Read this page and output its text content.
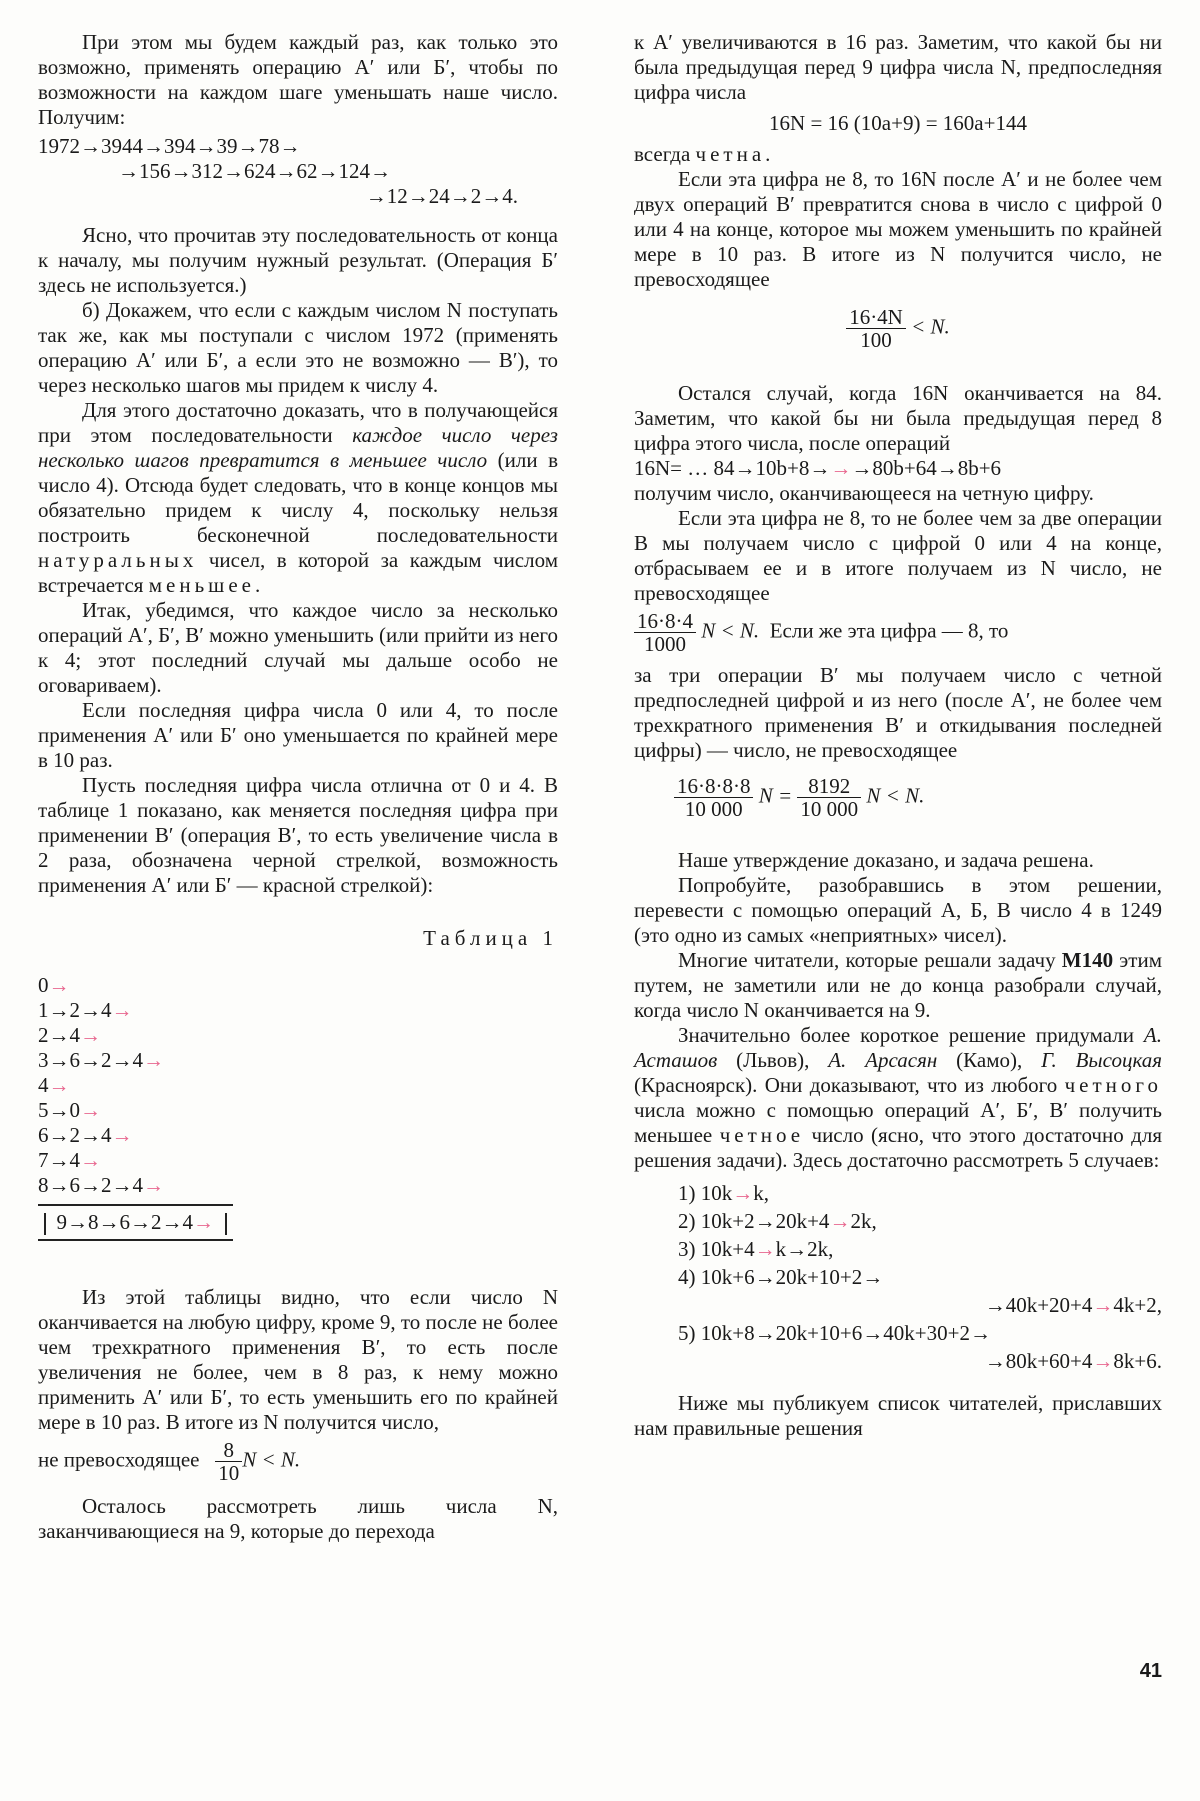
При этом мы будем каждый раз, как только это возможно, применять операцию А′ или Б′, чтобы по возможности на каждом шаге уменьшать наше число. Получим:

1972→3944→394→39→78→
→156→312→624→62→124→
→12→24→2→4.

Ясно, что прочитав эту последовательность от конца к началу, мы получим нужный результат. (Операция Б′ здесь не используется.)

б) Докажем, что если с каждым числом N поступать так же, как мы поступали с числом 1972 (применять операцию А′ или Б′, а если это не возможно — В′), то через несколько шагов мы придем к числу 4.

Для этого достаточно доказать, что в получающейся при этом последовательности каждое число через несколько шагов превратится в меньшее число (или в число 4). Отсюда будет следовать, что в конце концов мы обязательно придем к числу 4, поскольку нельзя построить бесконечной последовательности натуральных чисел, в которой за каждым числом встречается меньшее.

Итак, убедимся, что каждое число за несколько операций А′, Б′, В′ можно уменьшить (или прийти из него к 4; этот последний случай мы дальше особо не оговариваем).

Если последняя цифра числа 0 или 4, то после применения А′ или Б′ оно уменьшается по крайней мере в 10 раз.

Пусть последняя цифра числа отлична от 0 и 4. В таблице 1 показано, как меняется последняя цифра при применении В′ (операция В′, то есть увеличение числа в 2 раза, обозначена черной стрелкой, возможность применения А′ или Б′ — красной стрелкой):

Таблица 1
0→
1→2→4→
2→4→
3→6→2→4→
4→
5→0→
6→2→4→
7→4→
8→6→2→4→
9→8→6→2→4→

Из этой таблицы видно, что если число N оканчивается на любую цифру, кроме 9, то после не более чем трехкратного применения В′, то есть после увеличения не более, чем в 8 раз, к нему можно применить А′ или Б′, то есть уменьшить его по крайней мере в 10 раз. В итоге из N получится число,

не превосходящее $\frac{8}{10}$ N < N.

Осталось рассмотреть лишь числа N, заканчивающиеся на 9, которые до перехода

к А′ увеличиваются в 16 раз. Заметим, что какой бы ни была предыдущая перед 9 цифра числа N, предпоследняя цифра числа

16N = 16 (10a+9) = 160a+144

всегда четна.

Если эта цифра не 8, то 16N после А′ и не более чем двух операций В′ превратится снова в число с цифрой 0 или 4 на конце, которое мы можем уменьшить по крайней мере в 10 раз. В итоге из N получится число, не превосходящее

$\frac{16\cdot 4N}{100} < N$.

Остался случай, когда 16N оканчивается на 84. Заметим, что какой бы ни была предыдущая перед 8 цифра этого числа, после операций

16N= … 84→10b+8→→→80b+64→8b+6

получим число, оканчивающееся на четную цифру.

Если эта цифра не 8, то не более чем за две операции В мы получаем число с цифрой 0 или 4 на конце, отбрасываем ее и в итоге получаем из N число, не превосходящее

$\frac{16\cdot 8\cdot 4}{1000}$ N < N. Если же эта цифра — 8, то

за три операции В′ мы получаем число с четной предпоследней цифрой и из него (после А′, не более чем трехкратного применения В′ и откидывания последней цифры) — число, не превосходящее

$\frac{16\cdot 8\cdot 8\cdot 8}{10 000}$ $N = \frac{8192}{10 000}$ N < N.

Наше утверждение доказано, и задача решена.

Попробуйте, разобравшись в этом решении, перевести с помощью операций А, Б, В число 4 в 1249 (это одно из самых «неприятных» чисел).

Многие читатели, которые решали задачу M140 этим путем, не заметили или не до конца разобрали случай, когда число N оканчивается на 9.

Значительно более короткое решение придумали А. Асташов (Львов), А. Арсасян (Камо), Г. Высоцкая (Красноярск). Они доказывают, что из любого четного числа можно с помощью операций А′, Б′, В′ получить меньшее четное число (ясно, что этого достаточно для решения задачи). Здесь достаточно рассмотреть 5 случаев:

1) 10k→k,
2) 10k+2→20k+4→2k,
3) 10k+4→k→2k,
4) 10k+6→20k+10+2→
→40k+20+4→4k+2,
5) 10k+8→20k+10+6→40k+30+2→
→80k+60+4→8k+6.

Ниже мы публикуем список читателей, приславших нам правильные решения

41
